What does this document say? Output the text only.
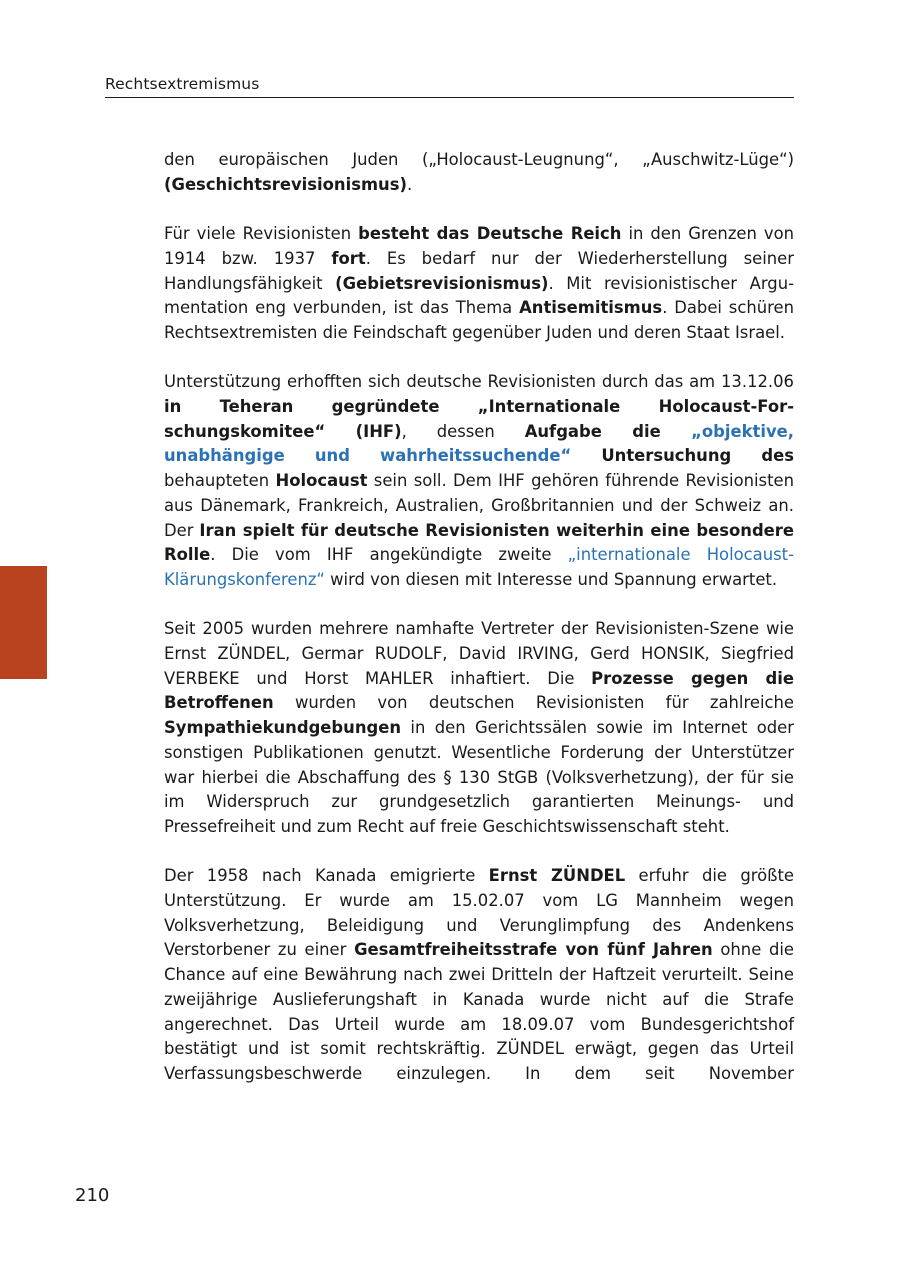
Rechtsextremismus

den europäischen Juden („Holocaust-Leugnung“, „Auschwitz-Lüge“) (Geschichtsrevisionismus).

Für viele Revisionisten besteht das Deutsche Reich in den Grenzen von 1914 bzw. 1937 fort. Es bedarf nur der Wiederherstellung seiner Handlungsfähigkeit (Gebietsrevisionismus). Mit revisionistischer Argumentation eng verbunden, ist das Thema Antisemitismus. Dabei schüren Rechtsextremisten die Feindschaft gegenüber Juden und deren Staat Israel.

Unterstützung erhofften sich deutsche Revisionisten durch das am 13.12.06 in Teheran gegründete „Internationale Holocaust-Forschungskomitee“ (IHF), dessen Aufgabe die „objektive, unabhängige und wahrheitssuchende“ Untersuchung des behaupteten Holocaust sein soll. Dem IHF gehören führende Revisionisten aus Dänemark, Frankreich, Australien, Großbritannien und der Schweiz an. Der Iran spielt für deutsche Revisionisten weiterhin eine besondere Rolle. Die vom IHF angekündigte zweite „internationale Holocaust-Klärungskonferenz“ wird von diesen mit Interesse und Spannung erwartet.

Seit 2005 wurden mehrere namhafte Vertreter der Revisionisten-Szene wie Ernst ZÜNDEL, Germar RUDOLF, David IRVING, Gerd HONSIK, Siegfried VERBEKE und Horst MAHLER inhaftiert. Die Prozesse gegen die Betroffenen wurden von deutschen Revisionisten für zahlreiche Sympathiekundgebungen in den Gerichtssälen sowie im Internet oder sonstigen Publikationen genutzt. Wesentliche Forderung der Unterstützer war hierbei die Abschaffung des § 130 StGB (Volksverhetzung), der für sie im Widerspruch zur grundgesetzlich garantierten Meinungs- und Pressefreiheit und zum Recht auf freie Geschichtswissenschaft steht.

Der 1958 nach Kanada emigrierte Ernst ZÜNDEL erfuhr die größte Unterstützung. Er wurde am 15.02.07 vom LG Mannheim wegen Volksverhetzung, Beleidigung und Verunglimpfung des Andenkens Verstorbener zu einer Gesamtfreiheitsstrafe von fünf Jahren ohne die Chance auf eine Bewährung nach zwei Dritteln der Haftzeit verurteilt. Seine zweijährige Auslieferungshaft in Kanada wurde nicht auf die Strafe angerechnet. Das Urteil wurde am 18.09.07 vom Bundesgerichtshof bestätigt und ist somit rechtskräftig. ZÜNDEL erwägt, gegen das Urteil Verfassungsbeschwerde einzulegen. In dem seit November

210
